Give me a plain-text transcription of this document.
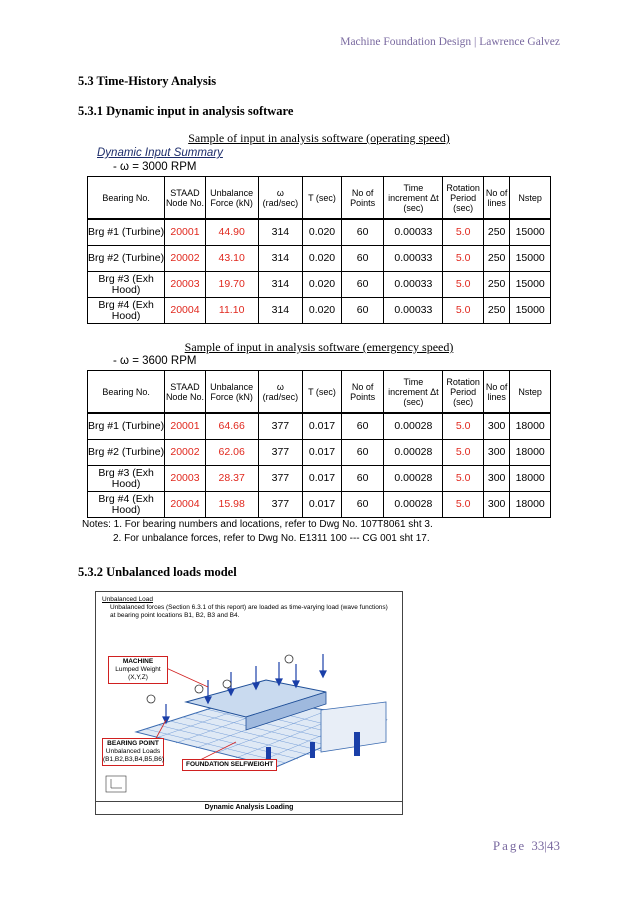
Machine Foundation Design | Lawrence Galvez
5.3 Time-History Analysis
5.3.1 Dynamic input in analysis software
Sample of input in analysis software (operating speed)
Dynamic Input Summary
- ω = 3000 RPM
Bearing No.	STAAD Node No.	Unbalance Force (kN)	ω (rad/sec)	T (sec)	No of Points	Time increment Δt (sec)	Rotation Period (sec)	No of lines	Nstep
Brg #1 (Turbine)	20001	44.90	314	0.020	60	0.00033	5.0	250	15000
Brg #2 (Turbine)	20002	43.10	314	0.020	60	0.00033	5.0	250	15000
Brg #3 (Exh Hood)	20003	19.70	314	0.020	60	0.00033	5.0	250	15000
Brg #4 (Exh Hood)	20004	11.10	314	0.020	60	0.00033	5.0	250	15000
Sample of input in analysis software (emergency speed)
- ω = 3600 RPM
Bearing No.	STAAD Node No.	Unbalance Force (kN)	ω (rad/sec)	T (sec)	No of Points	Time increment Δt (sec)	Rotation Period (sec)	No of lines	Nstep
Brg #1 (Turbine)	20001	64.66	377	0.017	60	0.00028	5.0	300	18000
Brg #2 (Turbine)	20002	62.06	377	0.017	60	0.00028	5.0	300	18000
Brg #3 (Exh Hood)	20003	28.37	377	0.017	60	0.00028	5.0	300	18000
Brg #4 (Exh Hood)	20004	15.98	377	0.017	60	0.00028	5.0	300	18000
Notes: 1. For bearing numbers and locations, refer to Dwg No. 107T8061 sht 3.
2. For unbalance forces, refer to Dwg No. E1311 100 --- CG 001 sht 17.
5.3.2 Unbalanced loads model
Unbalanced Load
Unbalanced forces (Section 6.3.1 of this report) are loaded as time-varying load (wave functions)
at bearing point locations B1, B2, B3 and B4.
MACHINE
Lumped Weight (X,Y,Z)
BEARING POINT
Unbalanced Loads
(B1,B2,B3,B4,B5,B6)
FOUNDATION SELFWEIGHT
Dynamic Analysis Loading
Page 33|43
